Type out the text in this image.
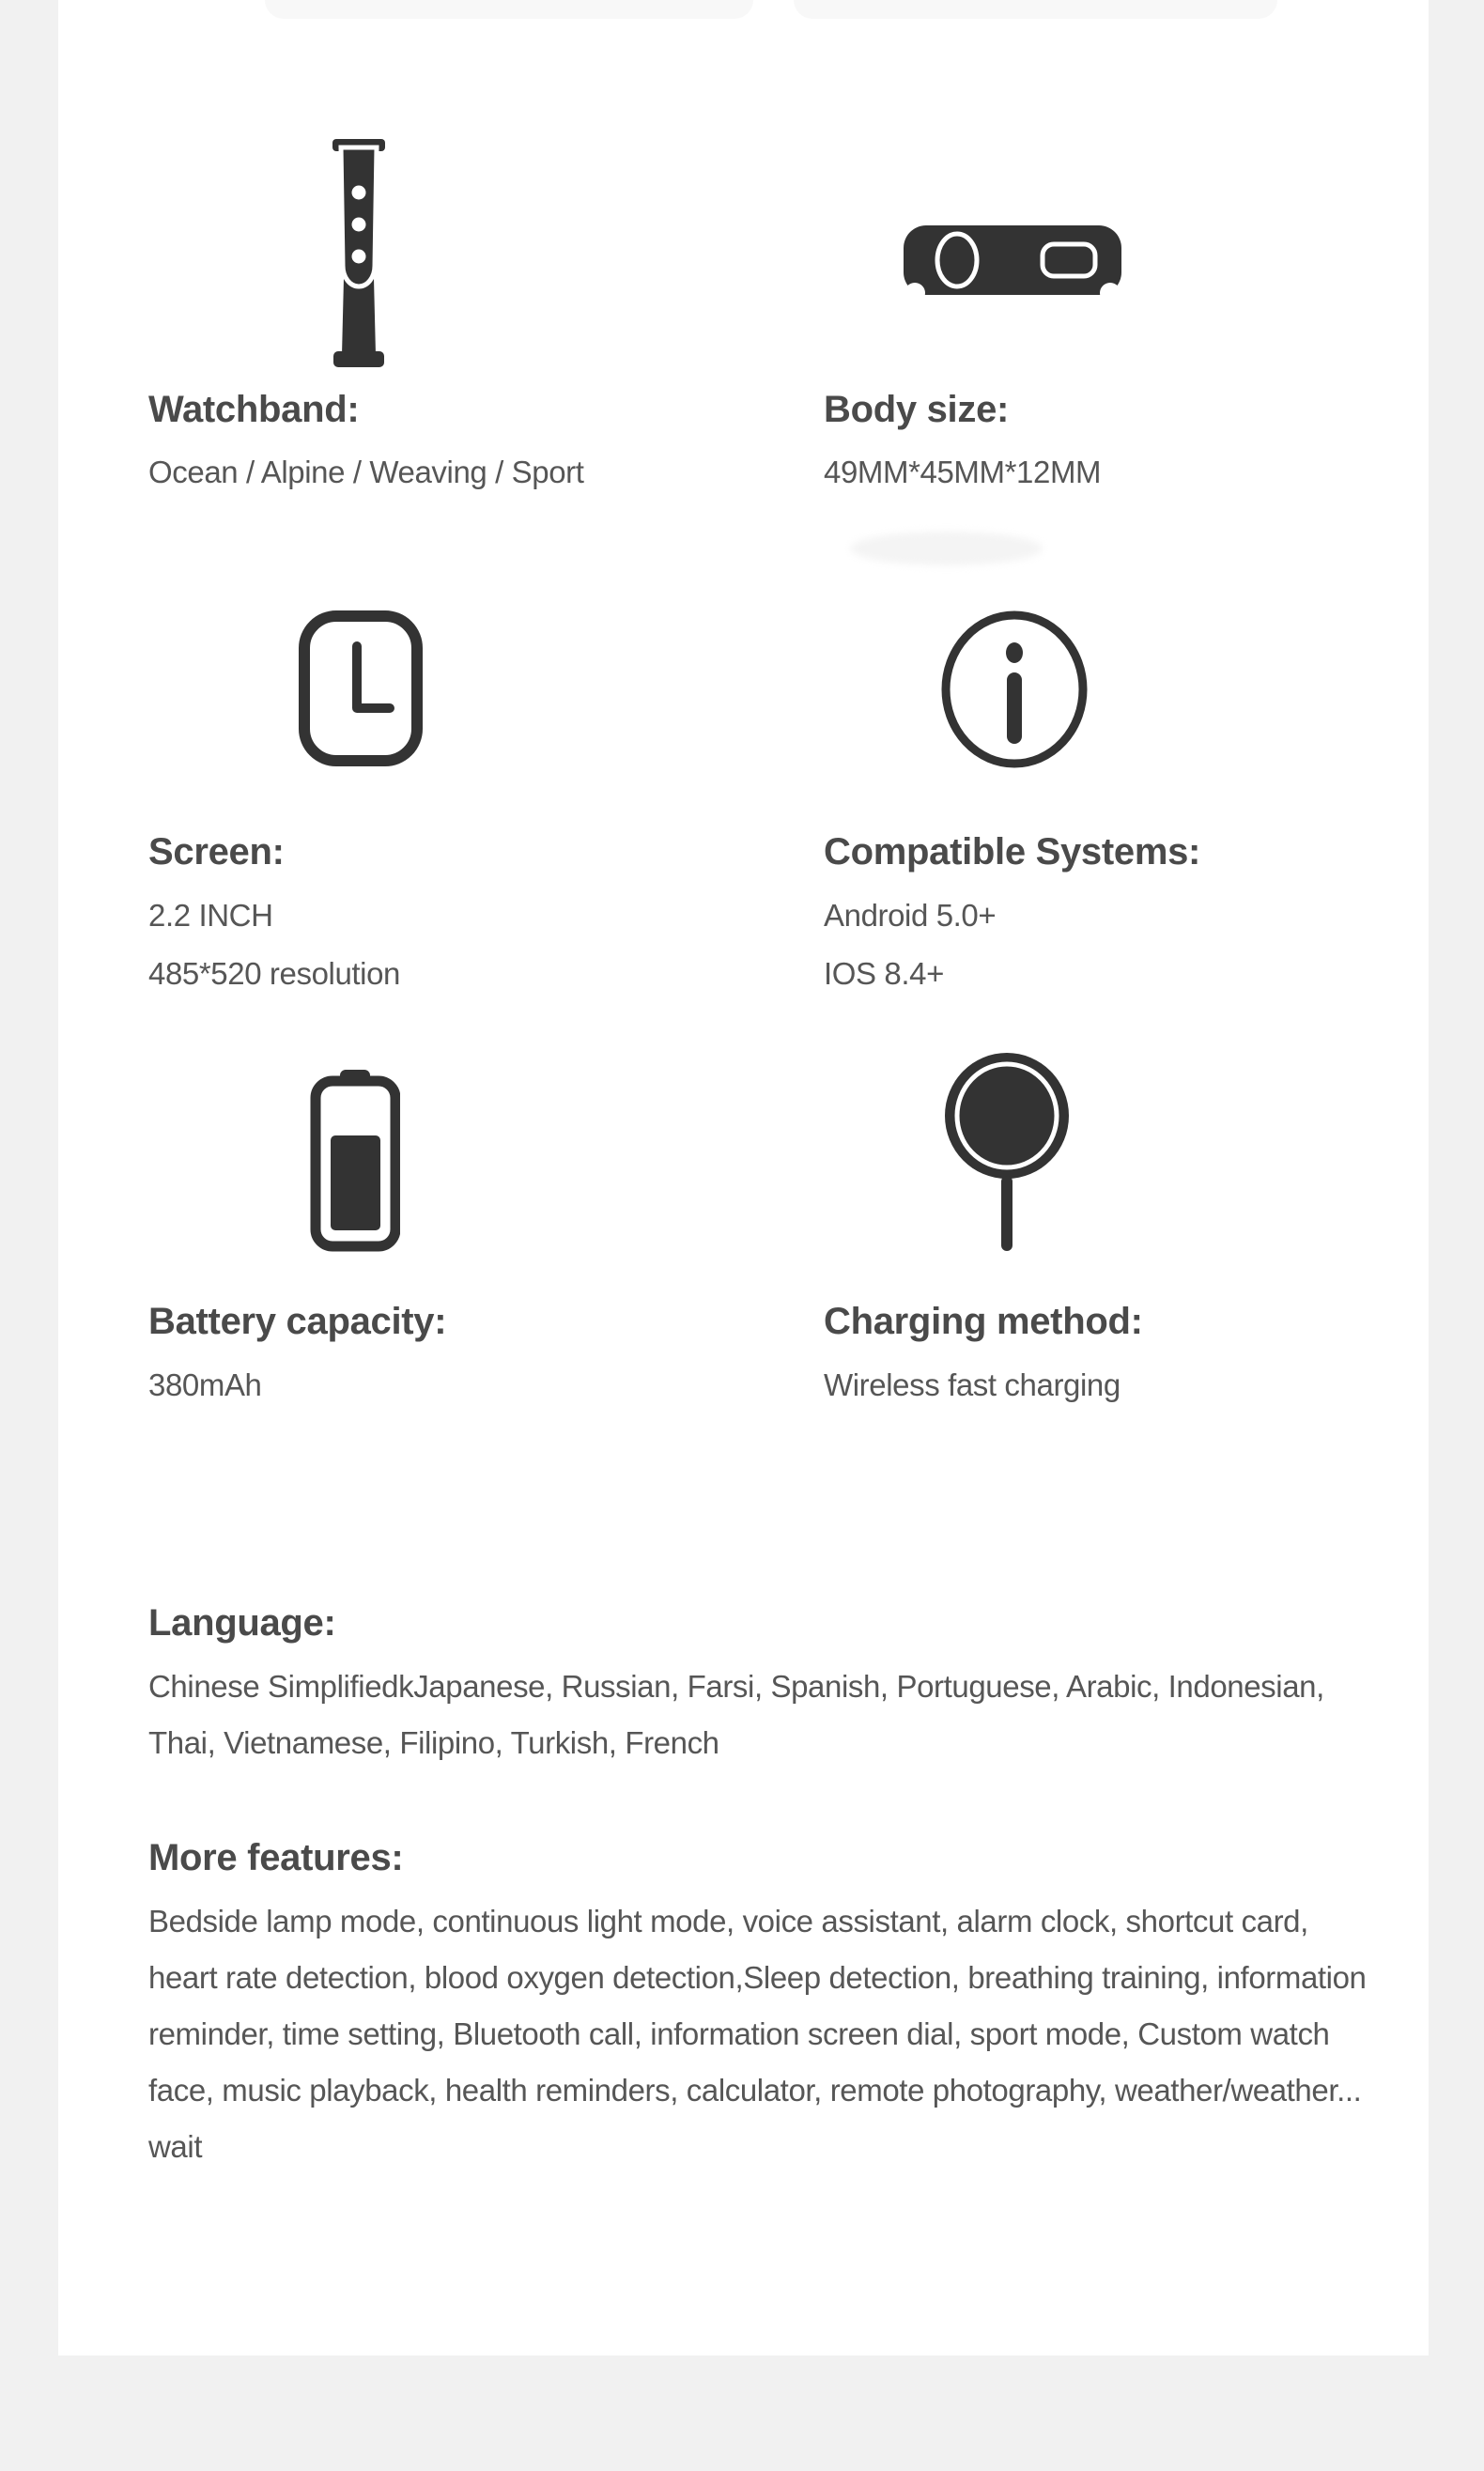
Watchband:
Ocean / Alpine / Weaving / Sport
Body size:
49MM*45MM*12MM
Screen:
2.2 INCH
485*520 resolution
Compatible Systems:
Android 5.0+
IOS 8.4+
Battery capacity:
380mAh
Charging method:
Wireless fast charging
Language:
Chinese SimplifiedkJapanese, Russian, Farsi, Spanish, Portuguese, Arabic, Indonesian, Thai, Vietnamese, Filipino, Turkish, French
More features:
Bedside lamp mode, continuous light mode, voice assistant, alarm clock, shortcut card, heart rate detection, blood oxygen detection,Sleep detection, breathing training, information reminder, time setting, Bluetooth call, information screen dial, sport mode, Custom watch face, music playback, health reminders, calculator, remote photography, weather/weather... wait
